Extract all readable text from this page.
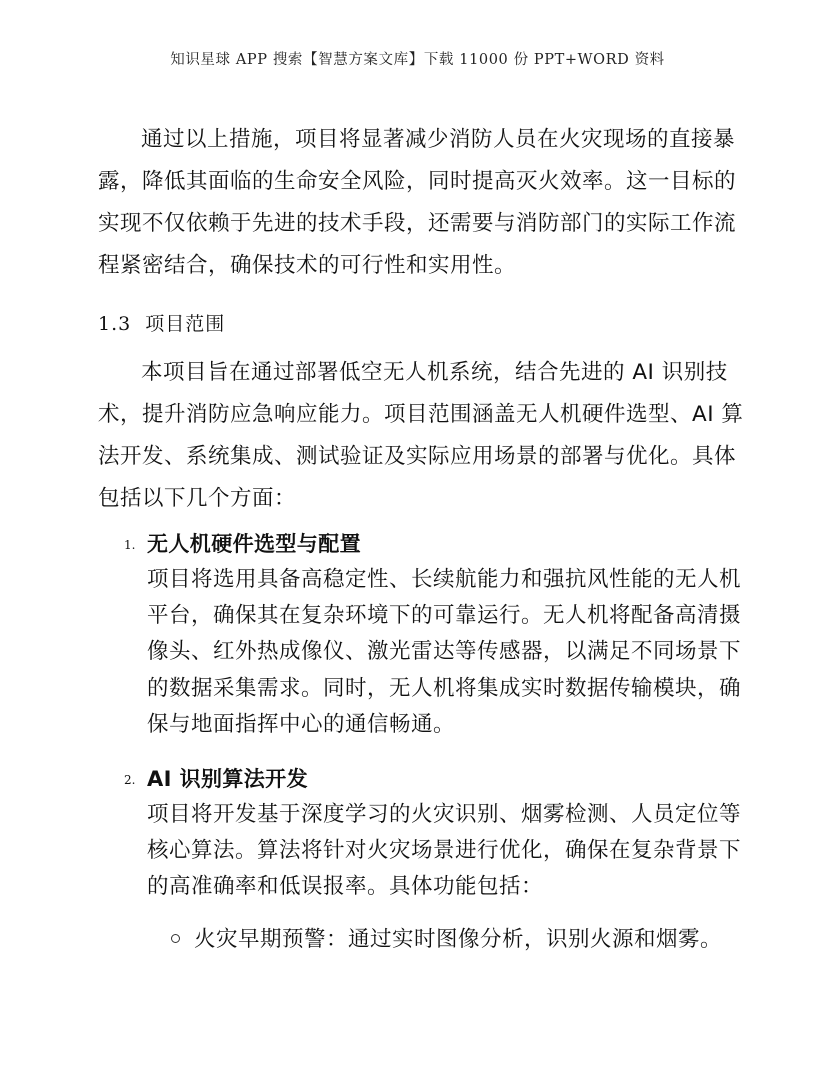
知识星球 APP 搜索【智慧方案文库】下载 11000 份 PPT+WORD 资料

通过以上措施，项目将显著减少消防人员在火灾现场的直接暴露，降低其面临的生命安全风险，同时提高灭火效率。这一目标的实现不仅依赖于先进的技术手段，还需要与消防部门的实际工作流程紧密结合，确保技术的可行性和实用性。

1.3 项目范围

本项目旨在通过部署低空无人机系统，结合先进的 AI 识别技术，提升消防应急响应能力。项目范围涵盖无人机硬件选型、AI 算法开发、系统集成、测试验证及实际应用场景的部署与优化。具体包括以下几个方面：

1. 无人机硬件选型与配置

项目将选用具备高稳定性、长续航能力和强抗风性能的无人机平台，确保其在复杂环境下的可靠运行。无人机将配备高清摄像头、红外热成像仪、激光雷达等传感器，以满足不同场景下的数据采集需求。同时，无人机将集成实时数据传输模块，确保与地面指挥中心的通信畅通。

2. AI 识别算法开发

项目将开发基于深度学习的火灾识别、烟雾检测、人员定位等核心算法。算法将针对火灾场景进行优化，确保在复杂背景下的高准确率和低误报率。具体功能包括：

火灾早期预警：通过实时图像分析，识别火源和烟雾。
